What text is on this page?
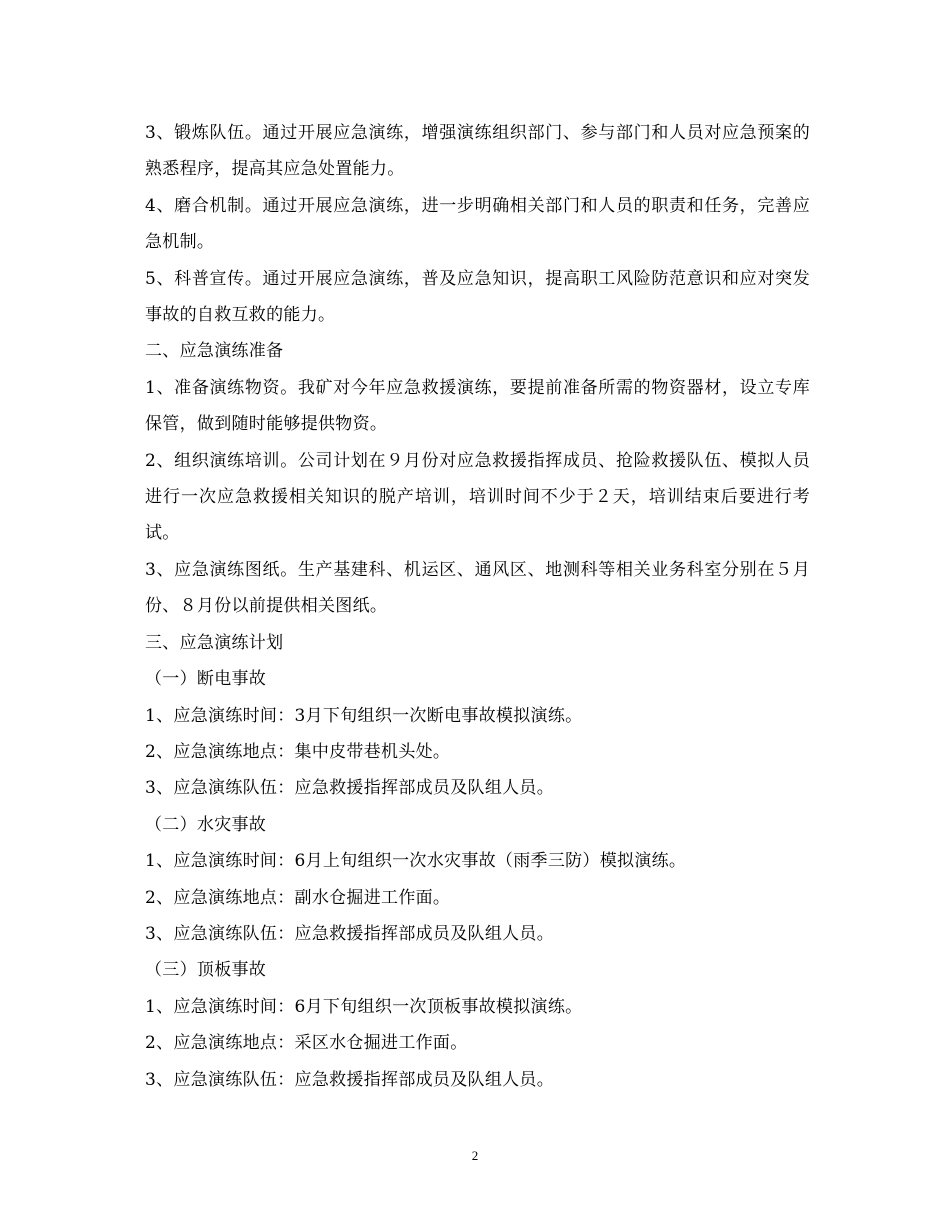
3、锻炼队伍。通过开展应急演练，增强演练组织部门、参与部门和人员对应急预案的熟悉程序，提高其应急处置能力。

4、磨合机制。通过开展应急演练，进一步明确相关部门和人员的职责和任务，完善应急机制。

5、科普宣传。通过开展应急演练，普及应急知识，提高职工风险防范意识和应对突发事故的自救互救的能力。

二、应急演练准备

1、准备演练物资。我矿对今年应急救援演练，要提前准备所需的物资器材，设立专库保管，做到随时能够提供物资。

2、组织演练培训。公司计划在９月份对应急救援指挥成员、抢险救援队伍、模拟人员进行一次应急救援相关知识的脱产培训，培训时间不少于２天，培训结束后要进行考试。

3、应急演练图纸。生产基建科、机运区、通风区、地测科等相关业务科室分别在５月份、８月份以前提供相关图纸。

三、应急演练计划

（一）断电事故

1、应急演练时间：3月下旬组织一次断电事故模拟演练。

2、应急演练地点：集中皮带巷机头处。

3、应急演练队伍：应急救援指挥部成员及队组人员。

（二）水灾事故

1、应急演练时间：6月上旬组织一次水灾事故（雨季三防）模拟演练。

2、应急演练地点：副水仓掘进工作面。

3、应急演练队伍：应急救援指挥部成员及队组人员。

（三）顶板事故

1、应急演练时间：6月下旬组织一次顶板事故模拟演练。

2、应急演练地点：采区水仓掘进工作面。

3、应急演练队伍：应急救援指挥部成员及队组人员。

2
